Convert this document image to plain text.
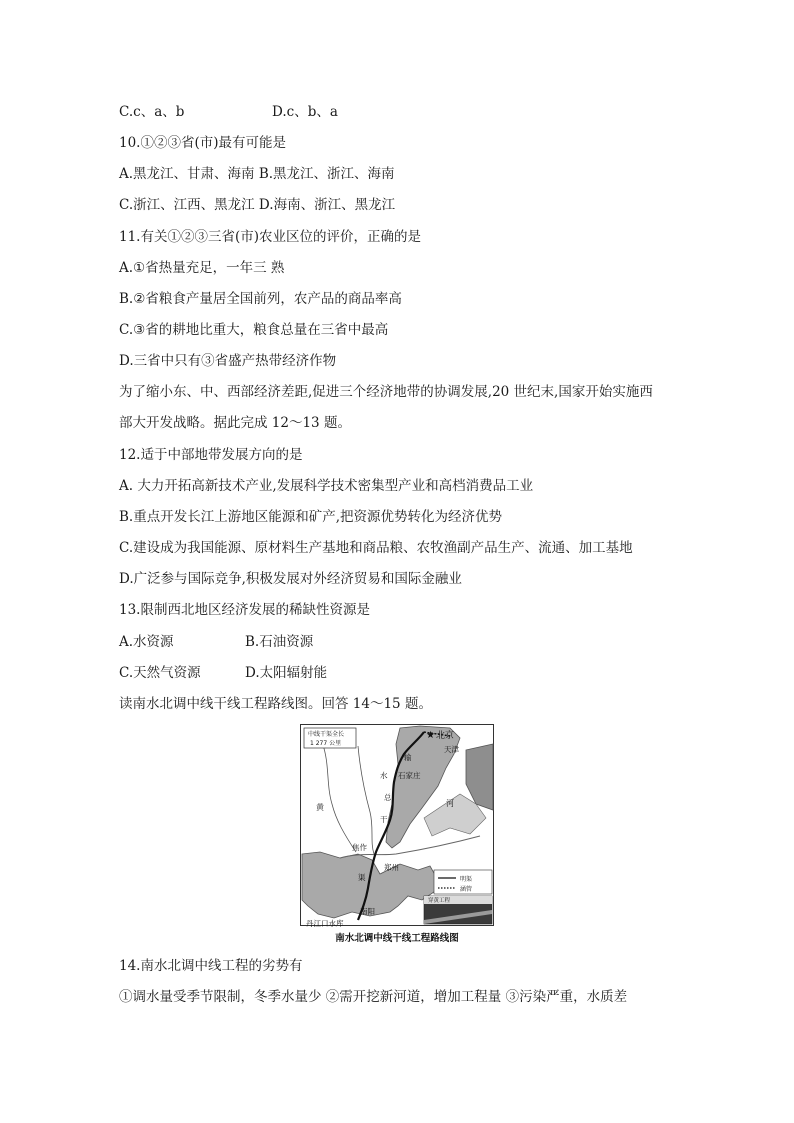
C.c、a、b	D.c、b、a
10.①②③省(市)最有可能是
A.黑龙江、甘肃、海南 B.黑龙江、浙江、海南
C.浙江、江西、黑龙江 D.海南、浙江、黑龙江
11.有关①②③三省(市)农业区位的评价，正确的是
A.①省热量充足，一年三 熟
B.②省粮食产量居全国前列，农产品的商品率高
C.③省的耕地比重大，粮食总量在三省中最高
D.三省中只有③省盛产热带经济作物
为了缩小东、中、西部经济差距,促进三个经济地带的协调发展,20 世纪末,国家开始实施西
部大开发战略。据此完成 12～13 题。
12.适于中部地带发展方向的是
A. 大力开拓高新技术产业,发展科学技术密集型产业和高档消费品工业
B.重点开发长江上游地区能源和矿产,把资源优势转化为经济优势
C.建设成为我国能源、原材料生产基地和商品粮、农牧渔副产品生产、流通、加工基地
D.广泛参与国际竞争,积极发展对外经济贸易和国际金融业
13.限制西北地区经济发展的稀缺性资源是
A.水资源	B.石油资源
C.天然气资源	D.太阳辐射能
读南水北调中线干线工程路线图。回答 14～15 题。
★ 北京
天津
石家庄
焦作
郑州
南阳
丹江口水库
输
水
总
干
渠
黄	河
中线干渠全长
1 277 公里
明渠
涵管
穿黄工程
南水北调中线干线工程路线图
14.南水北调中线工程的劣势有
①调水量受季节限制，冬季水量少 ②需开挖新河道，增加工程量 ③污染严重，水质差
